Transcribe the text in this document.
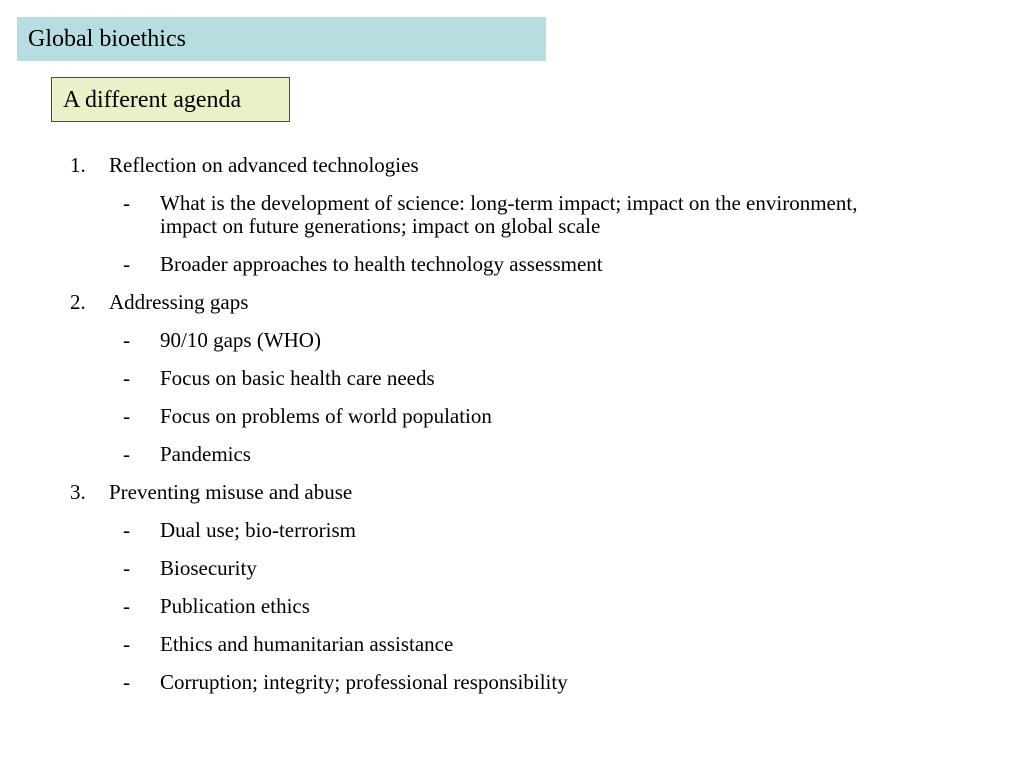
Global bioethics
A different agenda
1.	Reflection on advanced technologies
-	What is the development of science: long-term impact; impact on the environment, impact on future generations; impact on global scale
-	Broader approaches to health technology assessment
2.	Addressing gaps
-	90/10 gaps (WHO)
-	Focus on basic health care needs
-	Focus on problems of world population
-	Pandemics
3.	Preventing misuse and abuse
-	Dual use; bio-terrorism
-	Biosecurity
-	Publication ethics
-	Ethics and humanitarian assistance
-	Corruption; integrity; professional responsibility
